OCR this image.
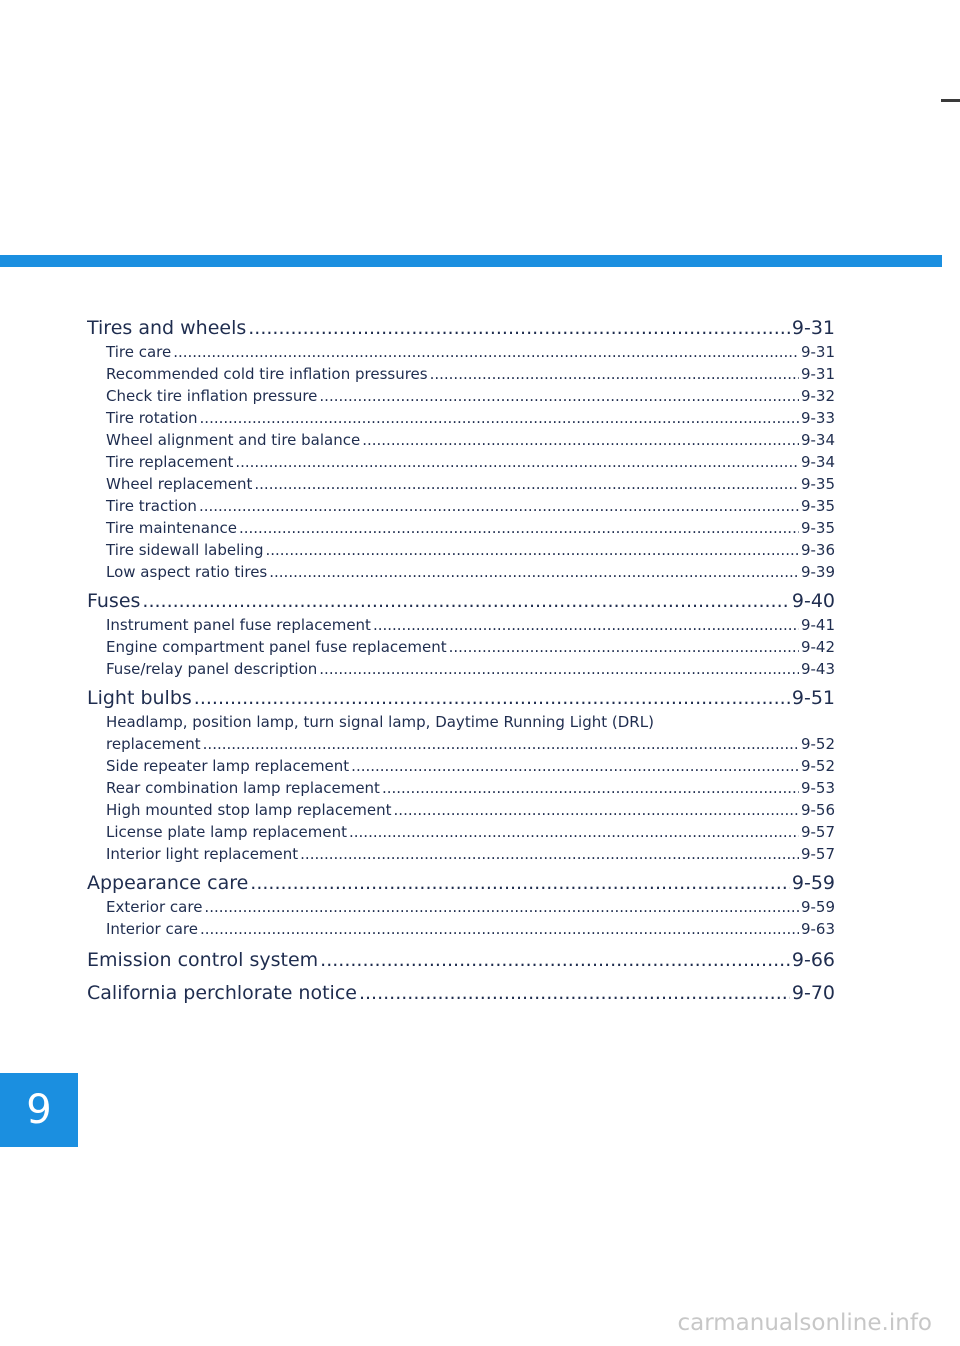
Tires and wheels .....	9-31
Tire care .....	9-31
Recommended cold tire inflation pressures .....	9-31
Check tire inflation pressure .....	9-32
Tire rotation .....	9-33
Wheel alignment and tire balance .....	9-34
Tire replacement .....	9-34
Wheel replacement .....	9-35
Tire traction .....	9-35
Tire maintenance .....	9-35
Tire sidewall labeling .....	9-36
Low aspect ratio tires .....	9-39
Fuses .....	9-40
Instrument panel fuse replacement .....	9-41
Engine compartment panel fuse replacement .....	9-42
Fuse/relay panel description .....	9-43
Light bulbs .....	9-51
Headlamp, position lamp, turn signal lamp, Daytime Running Light (DRL)
replacement .....	9-52
Side repeater lamp replacement .....	9-52
Rear combination lamp replacement .....	9-53
High mounted stop lamp replacement .....	9-56
License plate lamp replacement .....	9-57
Interior light replacement .....	9-57
Appearance care .....	9-59
Exterior care .....	9-59
Interior care .....	9-63
Emission control system .....	9-66
California perchlorate notice .....	9-70
9
carmanualsonline.info
